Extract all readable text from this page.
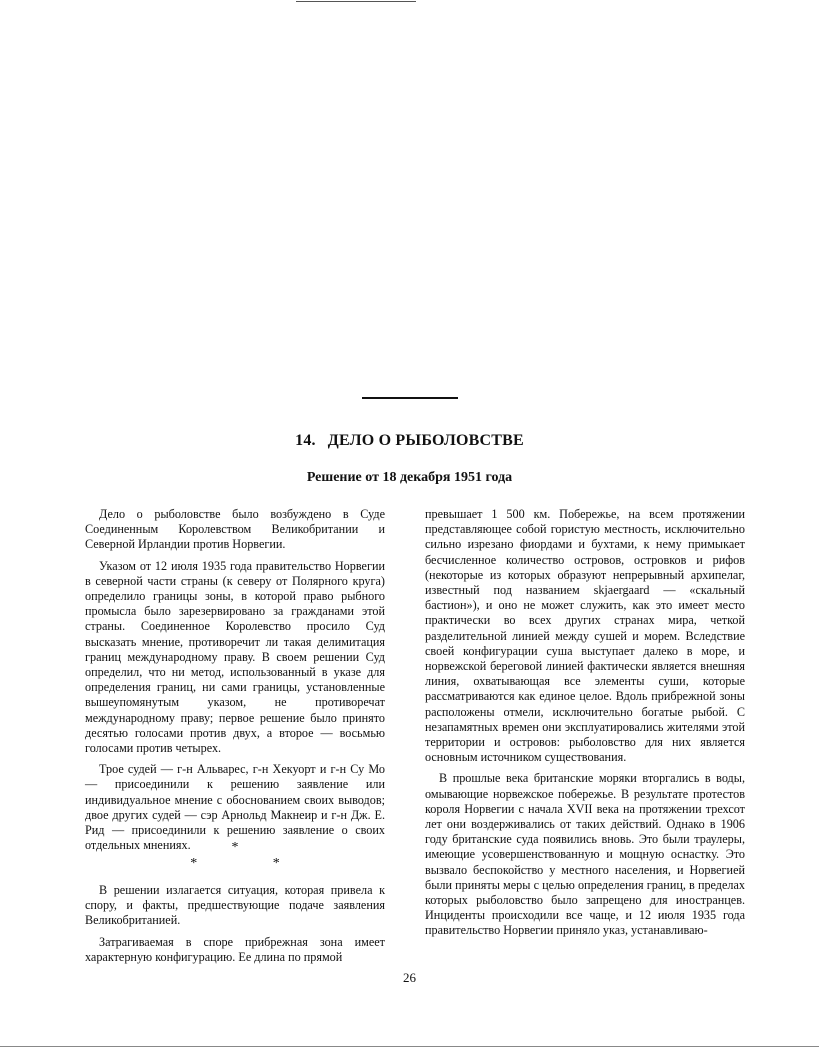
14. ДЕЛО О РЫБОЛОВСТВЕ
Решение от 18 декабря 1951 года

Дело о рыболовстве было возбуждено в Суде Соединенным Королевством Великобритании и Северной Ирландии против Норвегии.

Указом от 12 июля 1935 года правительство Норвегии в северной части страны (к северу от Полярного круга) определило границы зоны, в которой право рыбного промысла было зарезервировано за гражданами этой страны. Соединенное Королевство просило Суд высказать мнение, противоречит ли такая делимитация границ международному праву. В своем решении Суд определил, что ни метод, использованный в указе для определения границ, ни сами границы, установленные вышеупомянутым указом, не противоречат международному праву; первое решение было принято десятью голосами против двух, а второе — восьмью голосами против четырех.

Трое судей — г-н Альварес, г-н Хекуорт и г-н Су Мо — присоединили к решению заявление или индивидуальное мнение с обоснованием своих выводов; двое других судей — сэр Арнольд Макнеир и г-н Дж. Е. Рид — присоединили к решению заявление о своих отдельных мнениях.	*
* *

В решении излагается ситуация, которая привела к спору, и факты, предшествующие подаче заявления Великобританией.

Затрагиваемая в споре прибрежная зона имеет характерную конфигурацию. Ее длина по прямой

превышает 1 500 км. Побережье, на всем протяжении представляющее собой гористую местность, исключительно сильно изрезано фиордами и бухтами, к нему примыкает бесчисленное количество островов, островков и рифов (некоторые из которых образуют непрерывный архипелаг, известный под названием skjaergaard — «скальный бастион»), и оно не может служить, как это имеет место практически во всех других странах мира, четкой разделительной линией между сушей и морем. Вследствие своей конфигурации суша выступает далеко в море, и норвежской береговой линией фактически является внешняя линия, охватывающая все элементы суши, которые рассматриваются как единое целое. Вдоль прибрежной зоны расположены отмели, исключительно богатые рыбой. С незапамятных времен они эксплуатировались жителями этой территории и островов: рыболовство для них является основным источником существования.

В прошлые века британские моряки вторгались в воды, омывающие норвежское побережье. В результате протестов короля Норвегии с начала XVII века на протяжении трехсот лет они воздерживались от таких действий. Однако в 1906 году британские суда появились вновь. Это были траулеры, имеющие усовершенствованную и мощную оснастку. Это вызвало беспокойство у местного населения, и Норвегией были приняты меры с целью определения границ, в пределах которых рыболовство было запрещено для иностранцев. Инциденты происходили все чаще, и 12 июля 1935 года правительство Норвегии приняло указ, устанавливаю-

26
